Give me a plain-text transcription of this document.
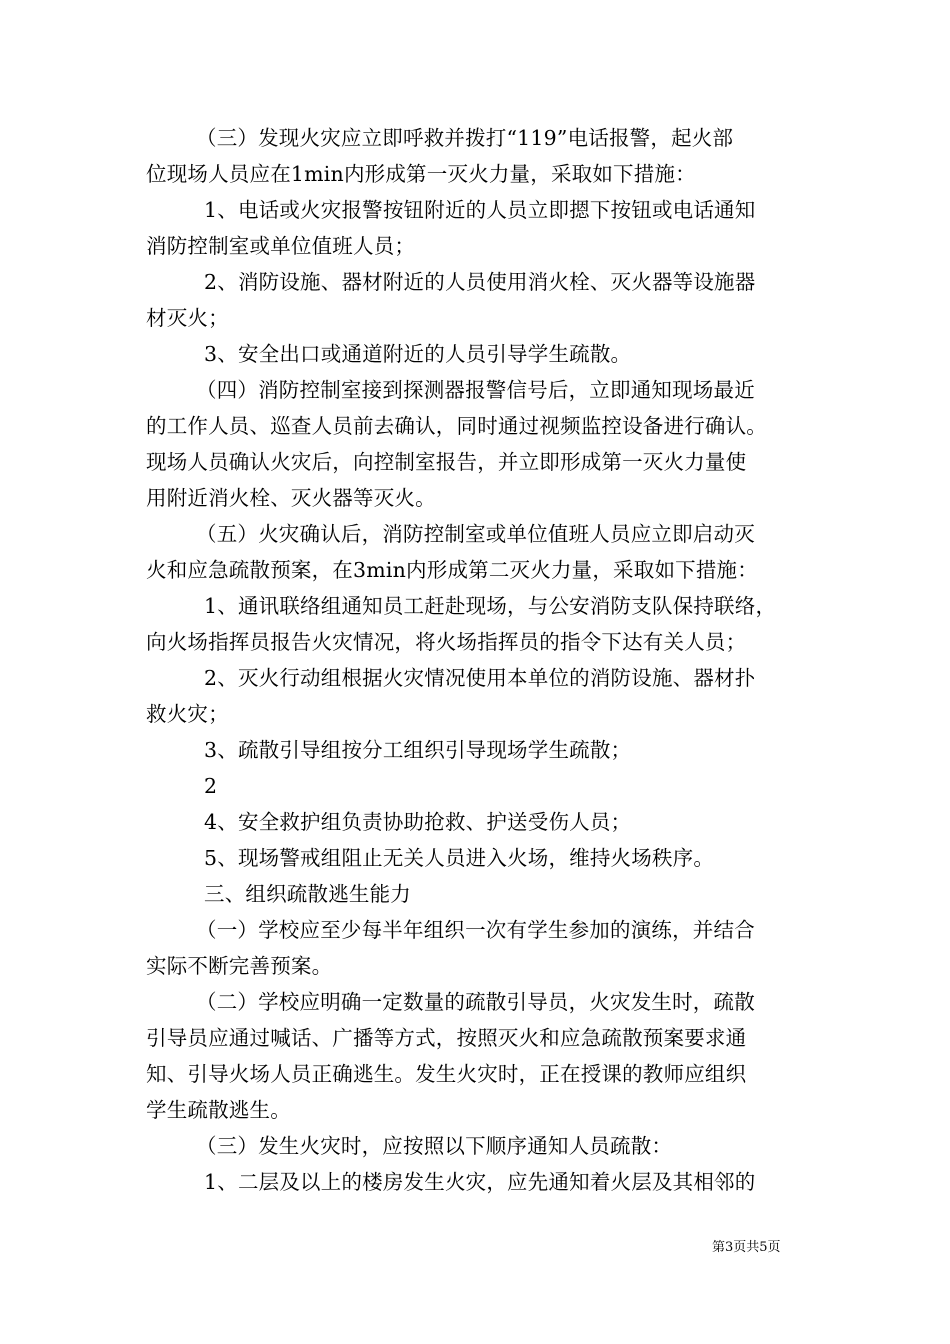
（三）发现火灾应立即呼救并拨打“119”电话报警，起火部
位现场人员应在1min内形成第一灭火力量，采取如下措施：
1、电话或火灾报警按钮附近的人员立即摁下按钮或电话通知
消防控制室或单位值班人员；
2、消防设施、器材附近的人员使用消火栓、灭火器等设施器
材灭火；
3、安全出口或通道附近的人员引导学生疏散。
（四）消防控制室接到探测器报警信号后，立即通知现场最近
的工作人员、巡查人员前去确认，同时通过视频监控设备进行确认。
现场人员确认火灾后，向控制室报告，并立即形成第一灭火力量使
用附近消火栓、灭火器等灭火。
（五）火灾确认后，消防控制室或单位值班人员应立即启动灭
火和应急疏散预案，在3min内形成第二灭火力量，采取如下措施：
1、通讯联络组通知员工赶赴现场，与公安消防支队保持联络，
向火场指挥员报告火灾情况，将火场指挥员的指令下达有关人员；
2、灭火行动组根据火灾情况使用本单位的消防设施、器材扑
救火灾；
3、疏散引导组按分工组织引导现场学生疏散；
2
4、安全救护组负责协助抢救、护送受伤人员；
5、现场警戒组阻止无关人员进入火场，维持火场秩序。
三、组织疏散逃生能力
（一）学校应至少每半年组织一次有学生参加的演练，并结合
实际不断完善预案。
（二）学校应明确一定数量的疏散引导员，火灾发生时，疏散
引导员应通过喊话、广播等方式，按照灭火和应急疏散预案要求通
知、引导火场人员正确逃生。发生火灾时，正在授课的教师应组织
学生疏散逃生。
（三）发生火灾时，应按照以下顺序通知人员疏散：
1、二层及以上的楼房发生火灾，应先通知着火层及其相邻的
第3页共5页
